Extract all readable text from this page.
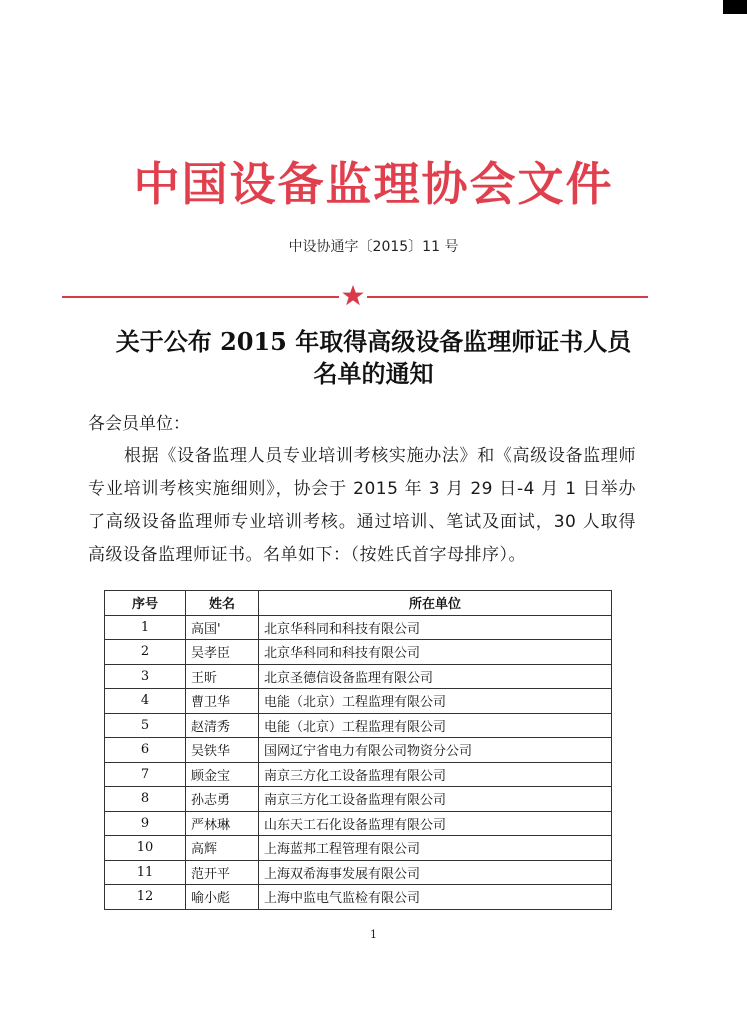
中国设备监理协会文件
中设协通字〔2015〕11 号
关于公布 2015 年取得高级设备监理师证书人员
名单的通知
各会员单位：
根据《设备监理人员专业培训考核实施办法》和《高级设备监理师专业培训考核实施细则》，协会于 2015 年 3 月 29 日-4 月 1 日举办了高级设备监理师专业培训考核。通过培训、笔试及面试，30 人取得高级设备监理师证书。名单如下：（按姓氏首字母排序）。
序号	姓名	所在单位
1	高国'	北京华科同和科技有限公司
2	吴孝臣	北京华科同和科技有限公司
3	王昕	北京圣德信设备监理有限公司
4	曹卫华	电能（北京）工程监理有限公司
5	赵清秀	电能（北京）工程监理有限公司
6	吴铁华	国网辽宁省电力有限公司物资分公司
7	顾金宝	南京三方化工设备监理有限公司
8	孙志勇	南京三方化工设备监理有限公司
9	严林琳	山东天工石化设备监理有限公司
10	高辉	上海蓝邦工程管理有限公司
11	范开平	上海双希海事发展有限公司
12	喻小彪	上海中监电气监检有限公司
1
